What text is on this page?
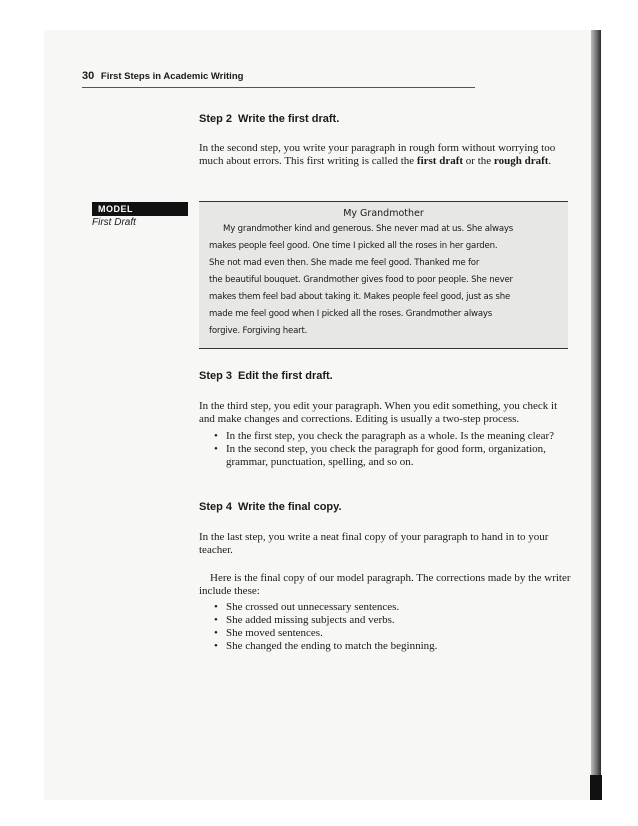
30 First Steps in Academic Writing
Step 2 Write the first draft.
In the second step, you write your paragraph in rough form without worrying too much about errors. This first writing is called the first draft or the rough draft.
MODEL
First Draft
My Grandmother
My grandmother kind and generous. She never mad at us. She always
makes people feel good. One time I picked all the roses in her garden.
She not mad even then. She made me feel good. Thanked me for
the beautiful bouquet. Grandmother gives food to poor people. She never
makes them feel bad about taking it. Makes people feel good, just as she
made me feel good when I picked all the roses. Grandmother always
forgive. Forgiving heart.
Step 3 Edit the first draft.
In the third step, you edit your paragraph. When you edit something, you check it and make changes and corrections. Editing is usually a two-step process.
• In the first step, you check the paragraph as a whole. Is the meaning clear?
• In the second step, you check the paragraph for good form, organization, grammar, punctuation, spelling, and so on.
Step 4 Write the final copy.
In the last step, you write a neat final copy of your paragraph to hand in to your teacher.
Here is the final copy of our model paragraph. The corrections made by the writer include these:
• She crossed out unnecessary sentences.
• She added missing subjects and verbs.
• She moved sentences.
• She changed the ending to match the beginning.
